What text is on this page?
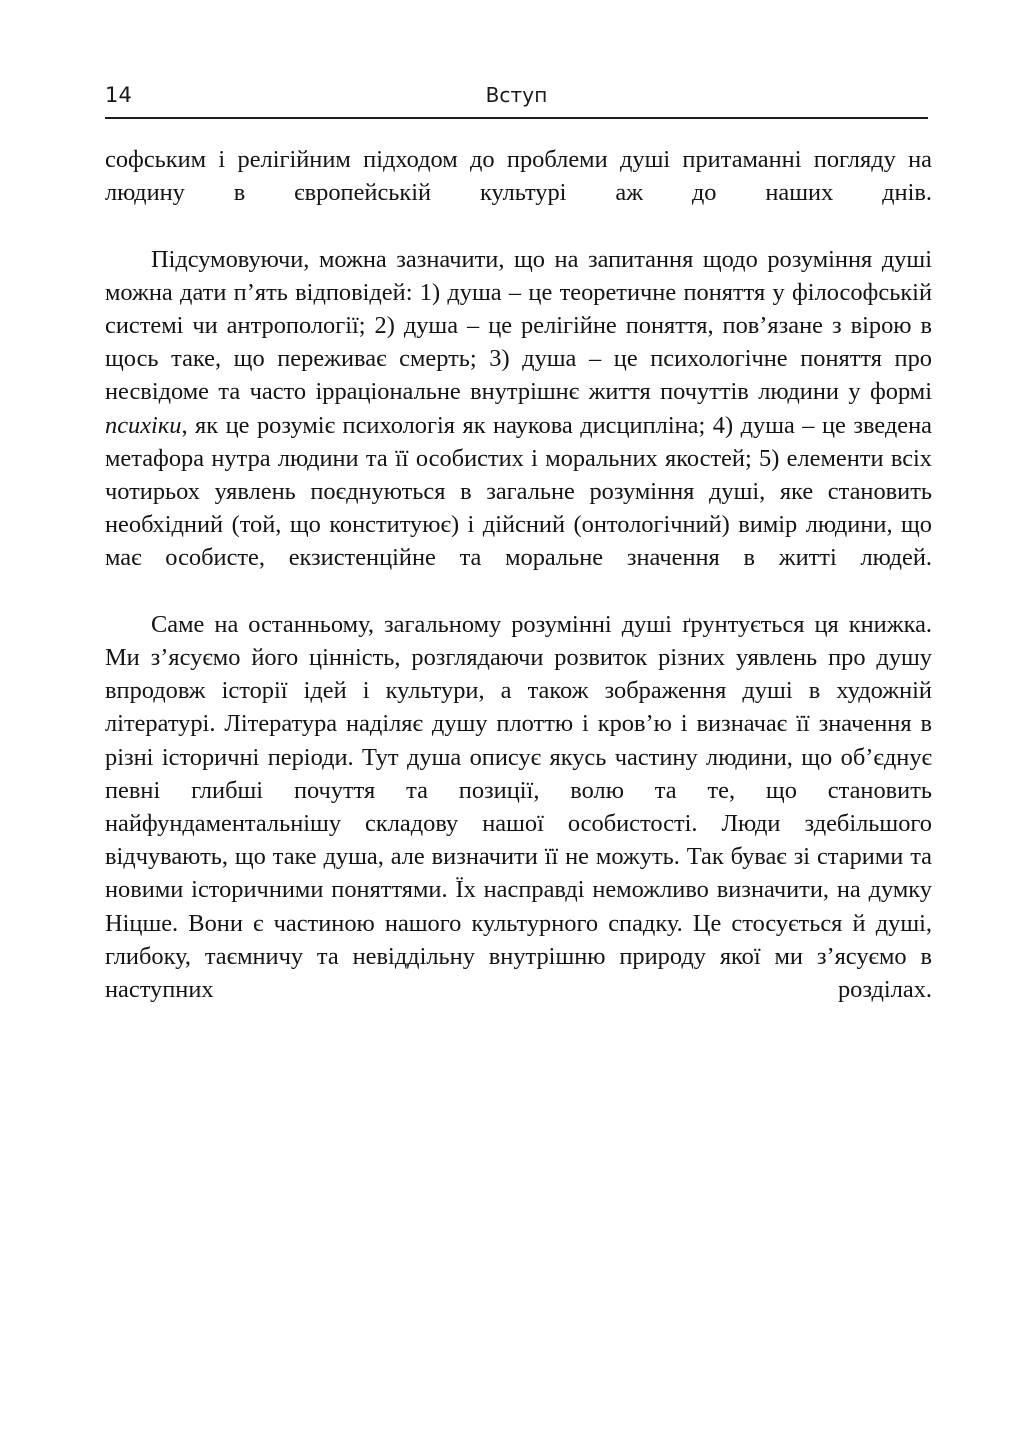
14	Вступ

софським і релігійним підходом до проблеми душі притаманні погляду на людину в європейській культурі аж до наших днів.

Підсумовуючи, можна зазначити, що на запитання щодо розуміння душі можна дати п’ять відповідей: 1) душа – це теоретичне поняття у філософській системі чи антропології; 2) душа – це релігійне поняття, пов’язане з вірою в щось таке, що переживає смерть; 3) душа – це психологічне поняття про несвідоме та часто ірраціональне внутрішнє життя почуттів людини у формі психіки, як це розуміє психологія як наукова дисципліна; 4) душа – це зведена метафора нутра людини та її особистих і моральних якостей; 5) елементи всіх чотирьох уявлень поєднуються в загальне розуміння душі, яке становить необхідний (той, що конституює) і дійсний (онтологічний) вимір людини, що має особисте, екзистенційне та моральне значення в житті людей.

Саме на останньому, загальному розумінні душі ґрунтується ця книжка. Ми з’ясуємо його цінність, розглядаючи розвиток різних уявлень про душу впродовж історії ідей і культури, а також зображення душі в художній літературі. Література наділяє душу плоттю і кров’ю і визначає її значення в різні історичні періоди. Тут душа описує якусь частину людини, що об’єднує певні глибші почуття та позиції, волю та те, що становить найфундаментальнішу складову нашої особистості. Люди здебільшого відчувають, що таке душа, але визначити її не можуть. Так буває зі старими та новими історичними поняттями. Їх насправді неможливо визначити, на думку Ніцше. Вони є частиною нашого культурного спадку. Це стосується й душі, глибоку, таємничу та невіддільну внутрішню природу якої ми з’ясуємо в наступних розділах.
